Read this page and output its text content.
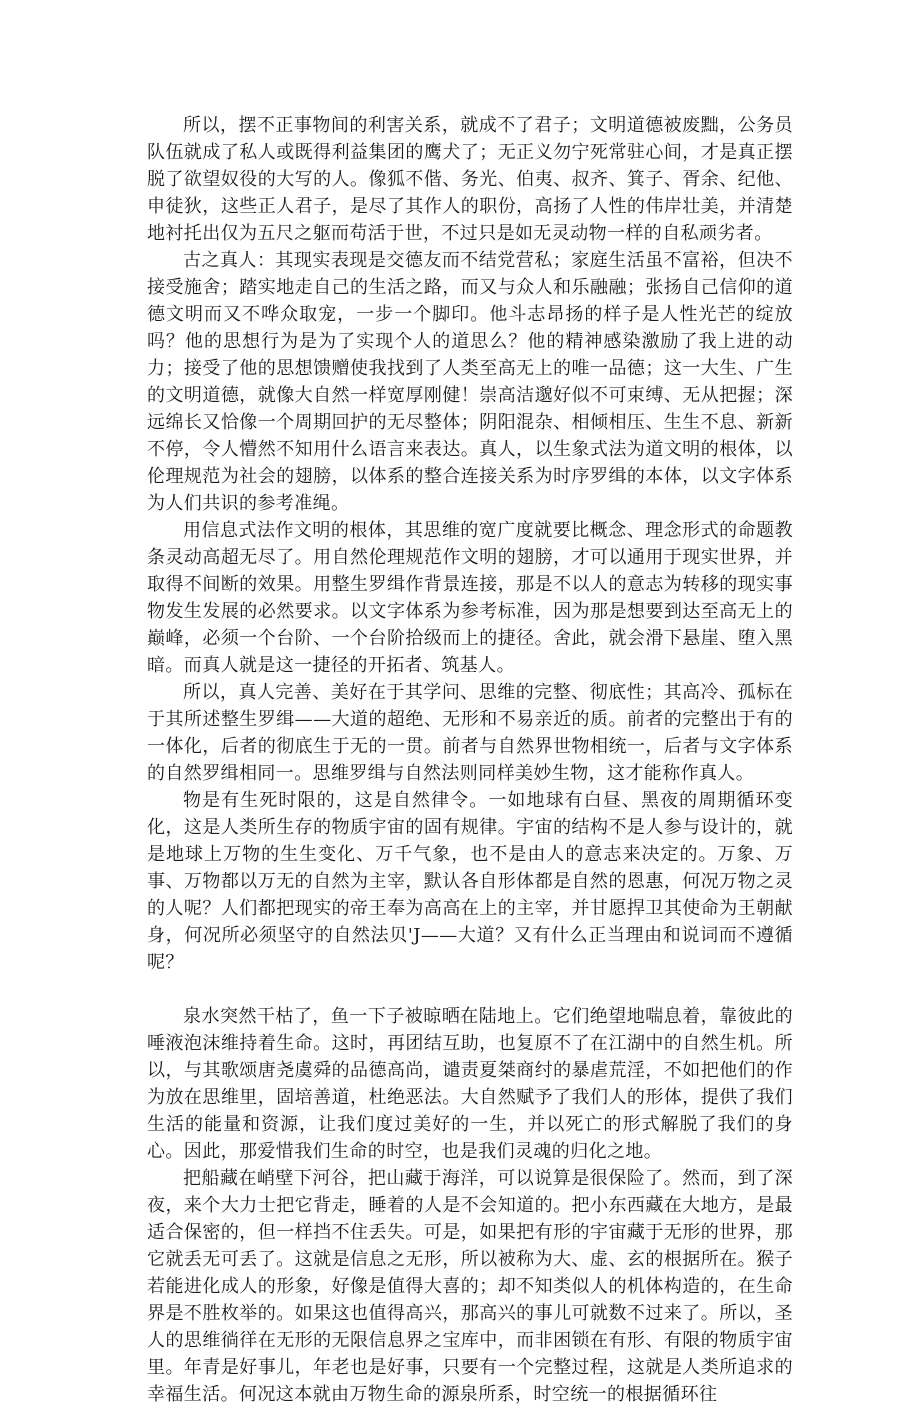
所以，摆不正事物间的利害关系，就成不了君子；文明道德被废黜，公务员队伍就成了私人或既得利益集团的鹰犬了；无正义勿宁死常驻心间，才是真正摆脱了欲望奴役的大写的人。像狐不偕、务光、伯夷、叔齐、箕子、胥余、纪他、申徒狄，这些正人君子，是尽了其作人的职份，高扬了人性的伟岸壮美，并清楚地衬托出仅为五尺之躯而苟活于世，不过只是如无灵动物一样的自私顽劣者。

古之真人：其现实表现是交德友而不结党营私；家庭生活虽不富裕，但决不接受施舍；踏实地走自己的生活之路，而又与众人和乐融融；张扬自己信仰的道德文明而又不哗众取宠，一步一个脚印。他斗志昂扬的样子是人性光芒的绽放吗？他的思想行为是为了实现个人的道思么？他的精神感染激励了我上进的动力；接受了他的思想馈赠使我找到了人类至高无上的唯一品德；这一大生、广生的文明道德，就像大自然一样宽厚刚健！崇高洁邈好似不可束缚、无从把握；深远绵长又恰像一个周期回护的无尽整体；阴阳混杂、相倾相压、生生不息、新新不停，令人懵然不知用什么语言来表达。真人，以生象式法为道文明的根体，以伦理规范为社会的翅膀，以体系的整合连接关系为时序罗缉的本体，以文字体系为人们共识的参考准绳。

用信息式法作文明的根体，其思维的宽广度就要比概念、理念形式的命题教条灵动高超无尽了。用自然伦理规范作文明的翅膀，才可以通用于现实世界，并取得不间断的效果。用整生罗缉作背景连接，那是不以人的意志为转移的现实事物发生发展的必然要求。以文字体系为参考标准，因为那是想要到达至高无上的巅峰，必须一个台阶、一个台阶拾级而上的捷径。舍此，就会滑下悬崖、堕入黑暗。而真人就是这一捷径的开拓者、筑基人。

所以，真人完善、美好在于其学问、思维的完整、彻底性；其高冷、孤标在于其所述整生罗缉——大道的超绝、无形和不易亲近的质。前者的完整出于有的一体化，后者的彻底生于无的一贯。前者与自然界世物相统一，后者与文字体系的自然罗缉相同一。思维罗缉与自然法则同样美妙生物，这才能称作真人。

物是有生死时限的，这是自然律令。一如地球有白昼、黑夜的周期循环变化，这是人类所生存的物质宇宙的固有规律。宇宙的结构不是人参与设计的，就是地球上万物的生生变化、万千气象，也不是由人的意志来决定的。万象、万事、万物都以万无的自然为主宰，默认各自形体都是自然的恩惠，何况万物之灵的人呢？人们都把现实的帝王奉为高高在上的主宰，并甘愿捍卫其使命为王朝献身，何况所必须坚守的自然法贝'J——大道？又有什么正当理由和说词而不遵循呢？

泉水突然干枯了，鱼一下子被晾晒在陆地上。它们绝望地喘息着，靠彼此的唾液泡沫维持着生命。这时，再团结互助，也复原不了在江湖中的自然生机。所以，与其歌颂唐尧虞舜的品德高尚，谴责夏桀商纣的暴虐荒淫，不如把他们的作为放在思维里，固培善道，杜绝恶法。大自然赋予了我们人的形体，提供了我们生活的能量和资源，让我们度过美好的一生，并以死亡的形式解脱了我们的身心。因此，那爱惜我们生命的时空，也是我们灵魂的归化之地。

把船藏在峭壁下河谷，把山藏于海洋，可以说算是很保险了。然而，到了深夜，来个大力士把它背走，睡着的人是不会知道的。把小东西藏在大地方，是最适合保密的，但一样挡不住丢失。可是，如果把有形的宇宙藏于无形的世界，那它就丢无可丢了。这就是信息之无形，所以被称为大、虚、玄的根据所在。猴子若能进化成人的形象，好像是值得大喜的；却不知类似人的机体构造的，在生命界是不胜枚举的。如果这也值得高兴，那高兴的事儿可就数不过来了。所以，圣人的思维徜徉在无形的无限信息界之宝库中，而非困锁在有形、有限的物质宇宙里。年青是好事儿，年老也是好事，只要有一个完整过程，这就是人类所追求的幸福生活。何况这本就由万物生命的源泉所系，时空统一的根据循环往
